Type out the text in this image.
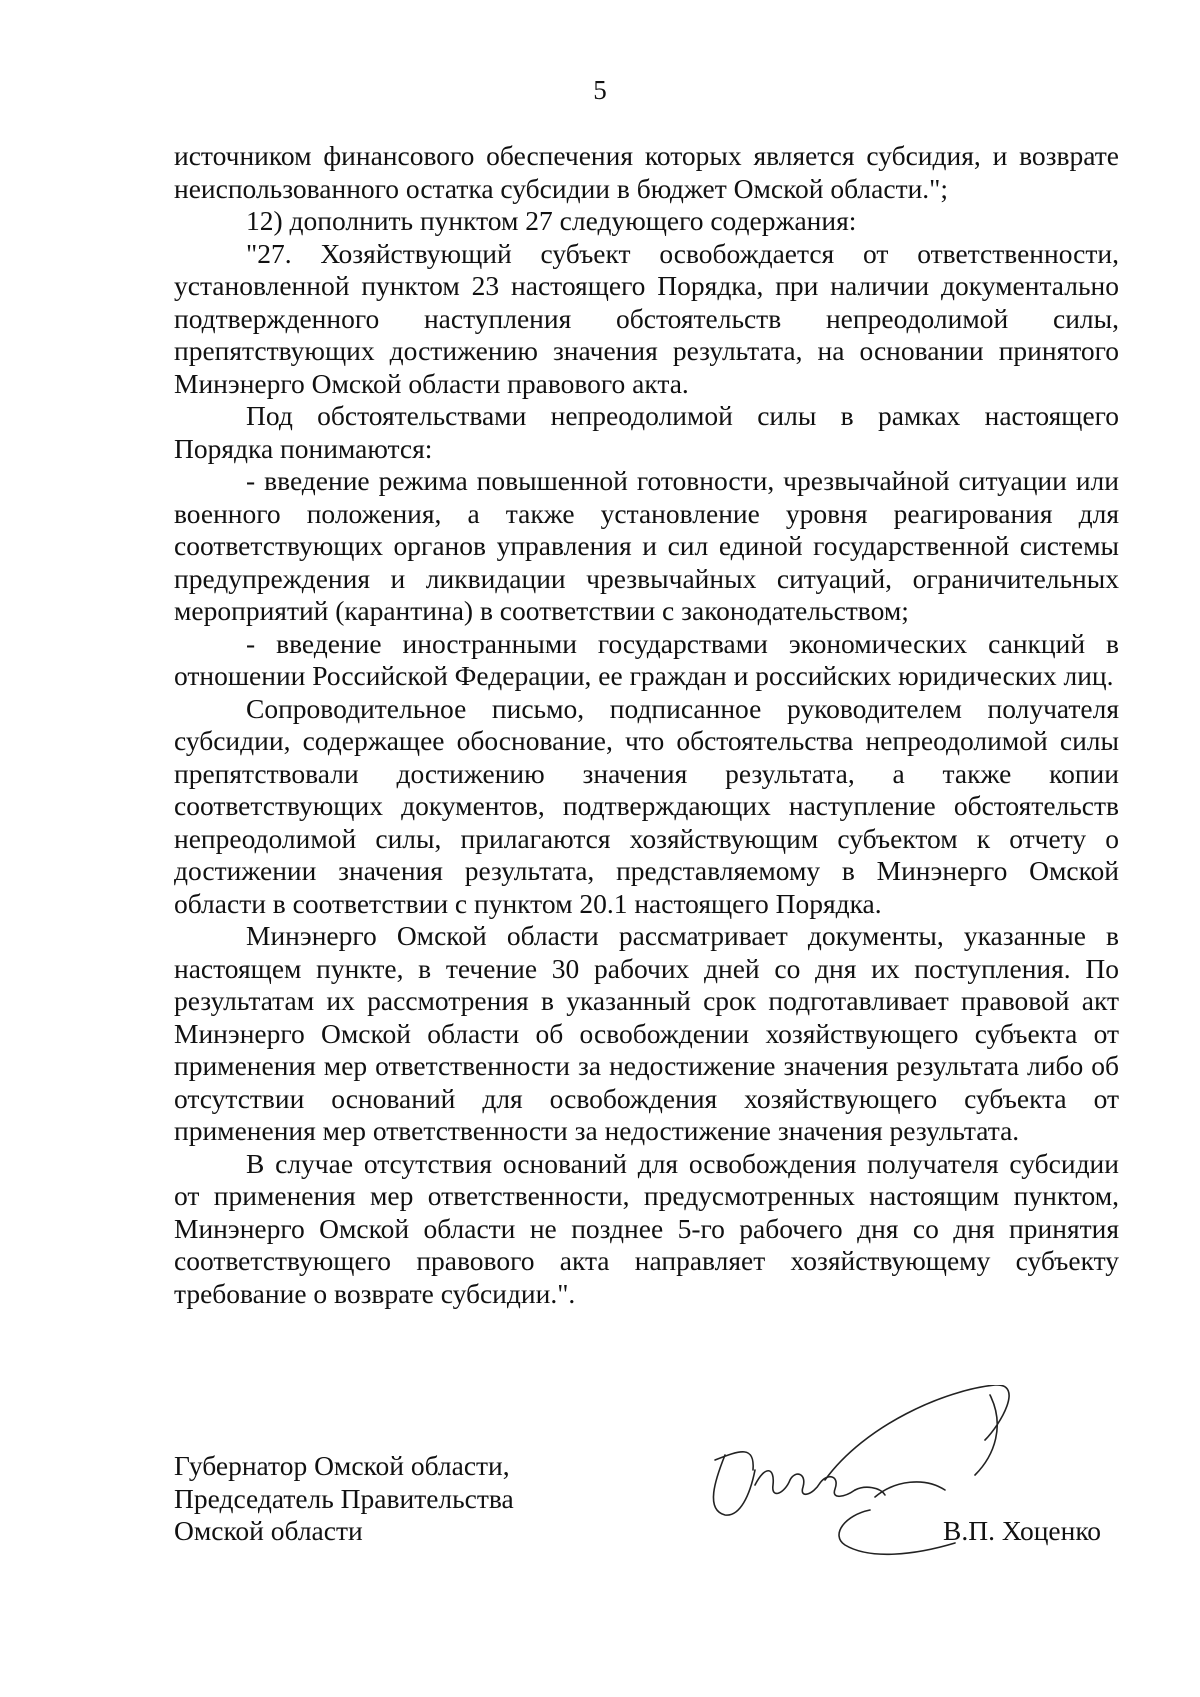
5

источником финансового обеспечения которых является субсидия, и возврате неиспользованного остатка субсидии в бюджет Омской области.";

12) дополнить пунктом 27 следующего содержания:

"27. Хозяйствующий субъект освобождается от ответственности, установленной пунктом 23 настоящего Порядка, при наличии документально подтвержденного наступления обстоятельств непреодолимой силы, препятствующих достижению значения результата, на основании принятого Минэнерго Омской области правового акта.

Под обстоятельствами непреодолимой силы в рамках настоящего Порядка понимаются:

- введение режима повышенной готовности, чрезвычайной ситуации или военного положения, а также установление уровня реагирования для соответствующих органов управления и сил единой государственной системы предупреждения и ликвидации чрезвычайных ситуаций, ограничительных мероприятий (карантина) в соответствии с законодательством;

- введение иностранными государствами экономических санкций в отношении Российской Федерации, ее граждан и российских юридических лиц.

Сопроводительное письмо, подписанное руководителем получателя субсидии, содержащее обоснование, что обстоятельства непреодолимой силы препятствовали достижению значения результата, а также копии соответствующих документов, подтверждающих наступление обстоятельств непреодолимой силы, прилагаются хозяйствующим субъектом к отчету о достижении значения результата, представляемому в Минэнерго Омской области в соответствии с пунктом 20.1 настоящего Порядка.

Минэнерго Омской области рассматривает документы, указанные в настоящем пункте, в течение 30 рабочих дней со дня их поступления. По результатам их рассмотрения в указанный срок подготавливает правовой акт Минэнерго Омской области об освобождении хозяйствующего субъекта от применения мер ответственности за недостижение значения результата либо об отсутствии оснований для освобождения хозяйствующего субъекта от применения мер ответственности за недостижение значения результата.

В случае отсутствия оснований для освобождения получателя субсидии от применения мер ответственности, предусмотренных настоящим пунктом, Минэнерго Омской области не позднее 5-го рабочего дня со дня принятия соответствующего правового акта направляет хозяйствующему субъекту требование о возврате субсидии.".

Губернатор Омской области,
Председатель Правительства
Омской области	В.П. Хоценко
